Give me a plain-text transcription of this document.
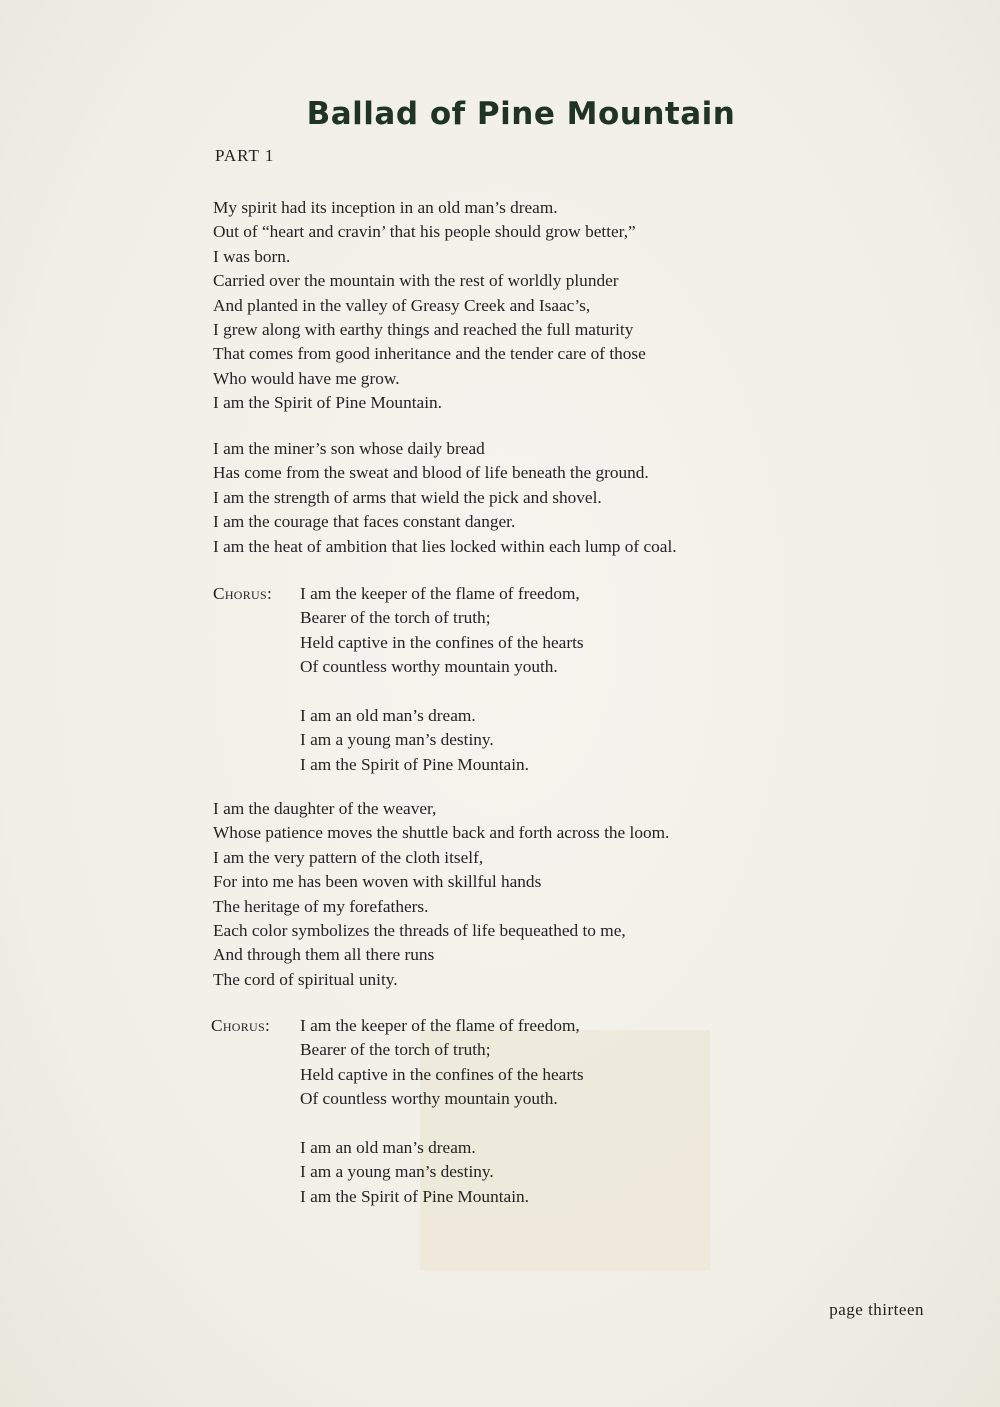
Ballad of Pine Mountain
PART 1
My spirit had its inception in an old man’s dream.
Out of “heart and cravin’ that his people should grow better,”
I was born.
Carried over the mountain with the rest of worldly plunder
And planted in the valley of Greasy Creek and Isaac’s,
I grew along with earthy things and reached the full maturity
That comes from good inheritance and the tender care of those
Who would have me grow.
I am the Spirit of Pine Mountain.
I am the miner’s son whose daily bread
Has come from the sweat and blood of life beneath the ground.
I am the strength of arms that wield the pick and shovel.
I am the courage that faces constant danger.
I am the heat of ambition that lies locked within each lump of coal.
Chorus: I am the keeper of the flame of freedom,
Bearer of the torch of truth;
Held captive in the confines of the hearts
Of countless worthy mountain youth.
I am an old man’s dream.
I am a young man’s destiny.
I am the Spirit of Pine Mountain.
I am the daughter of the weaver,
Whose patience moves the shuttle back and forth across the loom.
I am the very pattern of the cloth itself,
For into me has been woven with skillful hands
The heritage of my forefathers.
Each color symbolizes the threads of life bequeathed to me,
And through them all there runs
The cord of spiritual unity.
Chorus: I am the keeper of the flame of freedom,
Bearer of the torch of truth;
Held captive in the confines of the hearts
Of countless worthy mountain youth.
I am an old man’s dream.
I am a young man’s destiny.
I am the Spirit of Pine Mountain.
page thirteen
